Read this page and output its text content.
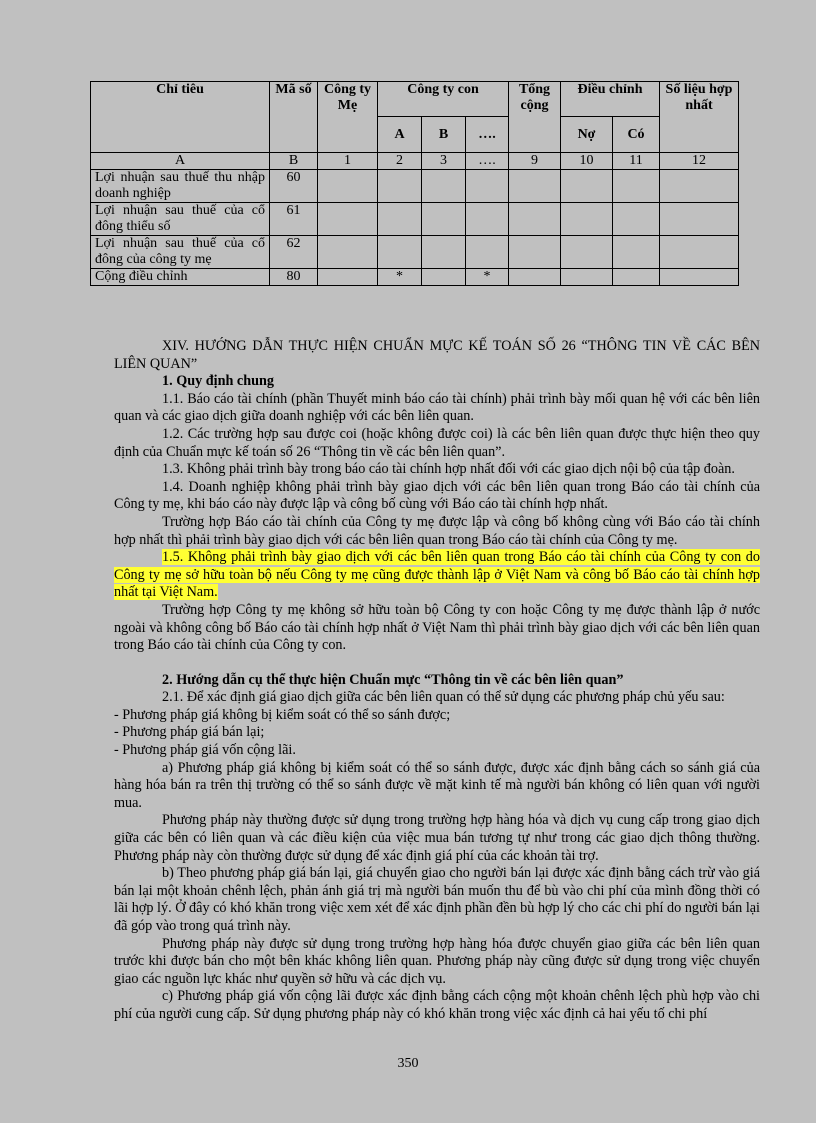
Chỉ tiêu	Mã số	Công ty Mẹ	Công ty con			Tổng cộng	Điều chỉnh		Số liệu hợp nhất
			A	B	….		Nợ	Có	
A	B	1	2	3	….	9	10	11	12
Lợi nhuận sau thuế thu nhập doanh nghiệp	60								
Lợi nhuận sau thuế của cổ đông thiểu số	61								
Lợi nhuận sau thuế của cổ đông của công ty mẹ	62								
Cộng điều chỉnh	80		*		*				

XIV. HƯỚNG DẪN THỰC HIỆN CHUẨN MỰC KẾ TOÁN SỐ 26 “THÔNG TIN VỀ CÁC BÊN LIÊN QUAN”

1. Quy định chung

1.1. Báo cáo tài chính (phần Thuyết minh báo cáo tài chính) phải trình bày mối quan hệ với các bên liên quan và các giao dịch giữa doanh nghiệp với các bên liên quan.

1.2. Các trường hợp sau được coi (hoặc không được coi) là các bên liên quan được thực hiện theo quy định của Chuẩn mực kế toán số 26 “Thông tin về các bên liên quan”.

1.3. Không phải trình bày trong báo cáo tài chính hợp nhất đối với các giao dịch nội bộ của tập đoàn.

1.4. Doanh nghiệp không phải trình bày giao dịch với các bên liên quan trong Báo cáo tài chính của Công ty mẹ, khi báo cáo này được lập và công bố cùng với Báo cáo tài chính hợp nhất.

Trường hợp Báo cáo tài chính của Công ty mẹ được lập và công bố không cùng với Báo cáo tài chính hợp nhất thì phải trình bày giao dịch với các bên liên quan trong Báo cáo tài chính của Công ty mẹ.

1.5. Không phải trình bày giao dịch với các bên liên quan trong Báo cáo tài chính của Công ty con do Công ty mẹ sở hữu toàn bộ nếu Công ty mẹ cũng được thành lập ở Việt Nam và công bố Báo cáo tài chính hợp nhất tại Việt Nam.

Trường hợp Công ty mẹ không sở hữu toàn bộ Công ty con hoặc Công ty mẹ được thành lập ở nước ngoài và không công bố Báo cáo tài chính hợp nhất ở Việt Nam thì phải trình bày giao dịch với các bên liên quan trong Báo cáo tài chính của Công ty con.

2. Hướng dẫn cụ thể thực hiện Chuẩn mực “Thông tin về các bên liên quan”

2.1. Để xác định giá giao dịch giữa các bên liên quan có thể sử dụng các phương pháp chủ yếu sau:

- Phương pháp giá không bị kiểm soát có thể so sánh được;

- Phương pháp giá bán lại;

- Phương pháp giá vốn cộng lãi.

a) Phương pháp giá không bị kiểm soát có thể so sánh được, được xác định bằng cách so sánh giá của hàng hóa bán ra trên thị trường có thể so sánh được về mặt kinh tế mà người bán không có liên quan với người mua.

Phương pháp này thường được sử dụng trong trường hợp hàng hóa và dịch vụ cung cấp trong giao dịch giữa các bên có liên quan và các điều kiện của việc mua bán tương tự như trong các giao dịch thông thường. Phương pháp này còn thường được sử dụng để xác định giá phí của các khoản tài trợ.

b) Theo phương pháp giá bán lại, giá chuyển giao cho người bán lại được xác định bằng cách trừ vào giá bán lại một khoản chênh lệch, phản ánh giá trị mà người bán muốn thu để bù vào chi phí của mình đồng thời có lãi hợp lý. Ở đây có khó khăn trong việc xem xét để xác định phần đền bù hợp lý cho các chi phí do người bán lại đã góp vào trong quá trình này.

Phương pháp này được sử dụng trong trường hợp hàng hóa được chuyển giao giữa các bên liên quan trước khi được bán cho một bên khác không liên quan. Phương pháp này cũng được sử dụng trong việc chuyển giao các nguồn lực khác như quyền sở hữu và các dịch vụ.

c) Phương pháp giá vốn cộng lãi được xác định bằng cách cộng một khoản chênh lệch phù hợp vào chi phí của người cung cấp. Sử dụng phương pháp này có khó khăn trong việc xác định cả hai yếu tố chi phí

350
